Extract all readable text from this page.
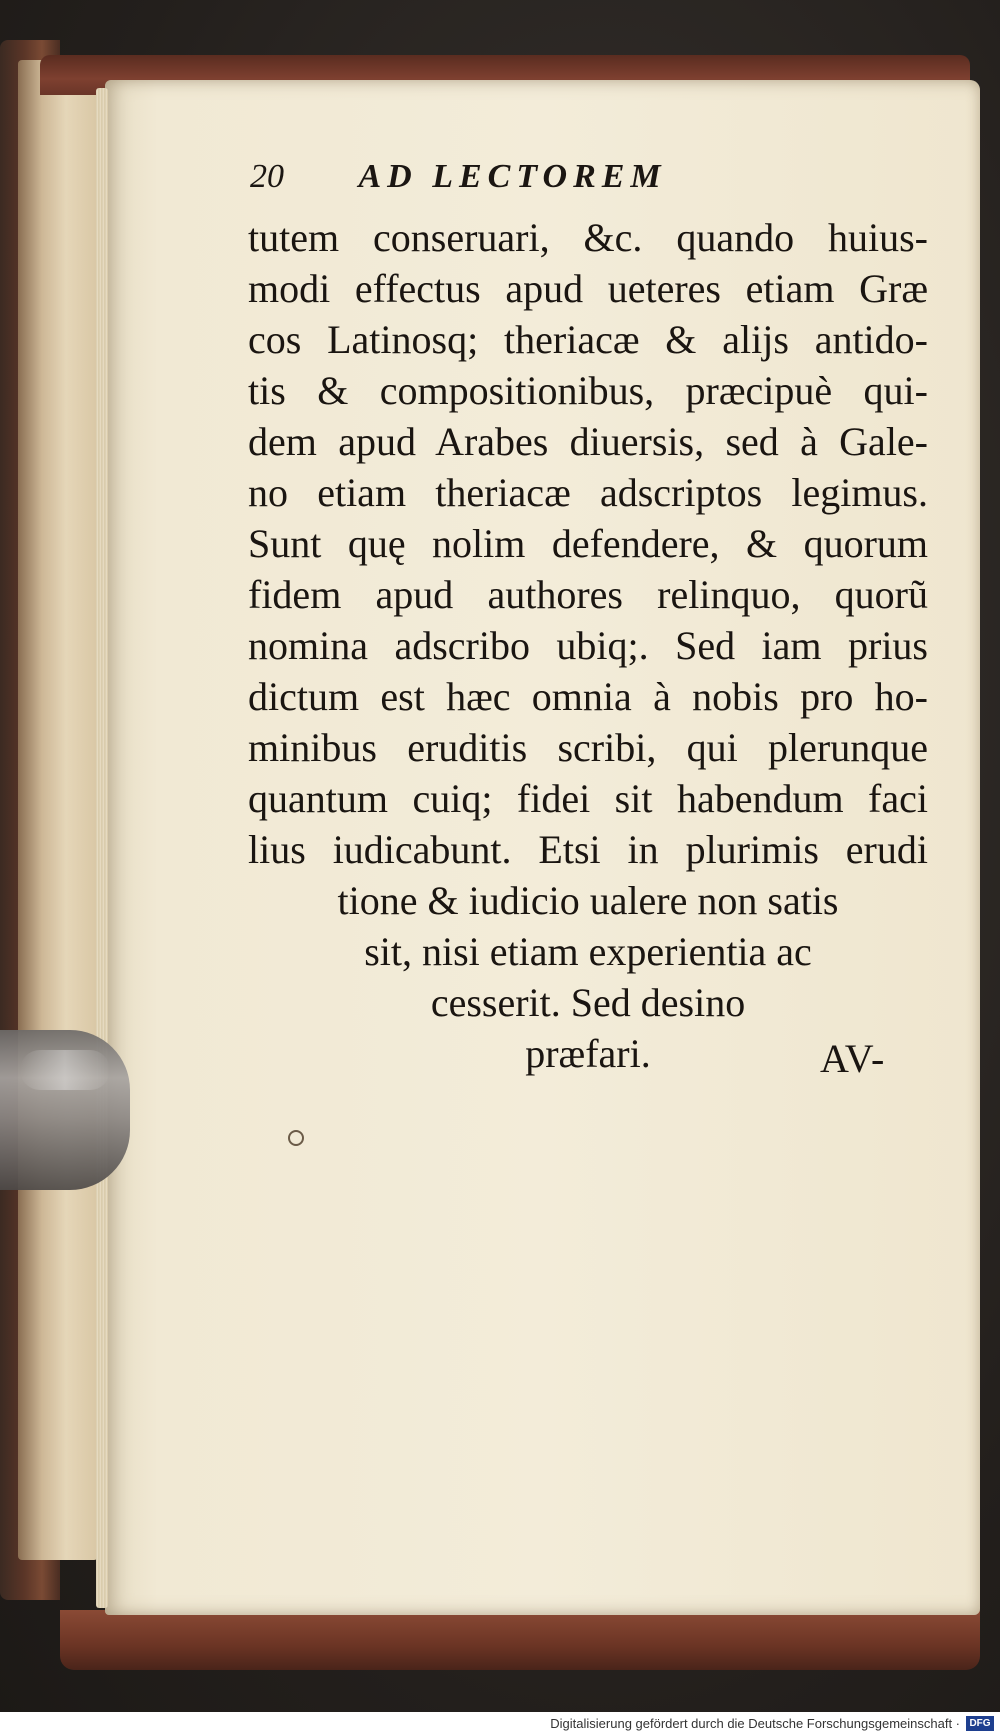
20 AD LECTOREM
tutem conseruari, &c. quando huius-
modi effectus apud ueteres etiam Græ
cos Latinosq; theriacæ & alijs antido-
tis & compositionibus, præcipuè qui-
dem apud Arabes diuersis, sed à Gale-
no etiam theriacæ adscriptos legimus.
Sunt quę nolim defendere, & quorum
fidem apud authores relinquo, quorũ
nomina adscribo ubiq;. Sed iam prius
dictum est hæc omnia à nobis pro ho-
minibus eruditis scribi, qui plerunque
quantum cuiq; fidei sit habendum faci
lius iudicabunt. Etsi in plurimis erudi
tione & iudicio ualere non satis
sit, nisi etiam experientia ac
cesserit. Sed desino
præfari.	AV-
Digitalisierung gefördert durch die Deutsche Forschungsgemeinschaft · DFG
